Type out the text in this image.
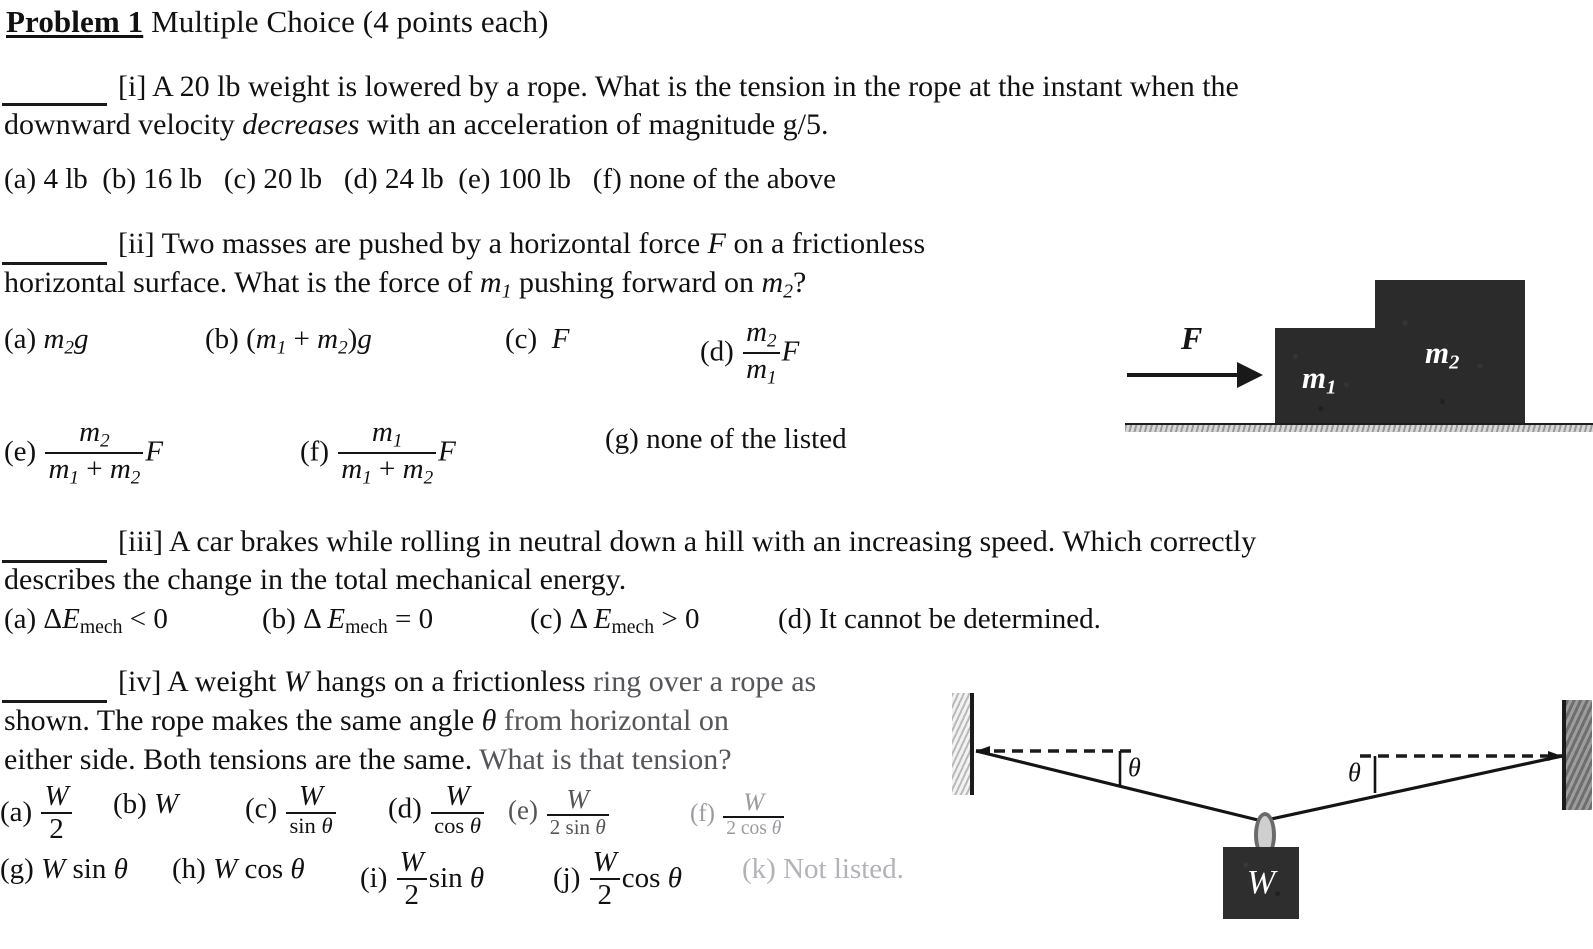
Problem 1 Multiple Choice (4 points each)
[i] A 20 lb weight is lowered by a rope. What is the tension in the rope at the instant when the
downward velocity decreases with an acceleration of magnitude g/5.
(a) 4 lb (b) 16 lb (c) 20 lb (d) 24 lb (e) 100 lb (f) none of the above
[ii] Two masses are pushed by a horizontal force F on a frictionless
horizontal surface. What is the force of $m_1$ pushing forward on $m_2$?
(a) $m_2g$	(b) $(m_1 + m_2)g$	(c) F	$(d) \frac{m_2}{m_1}$ F
$(e) \frac{m_2}{m_1 + m_2}$ F	$(f) \frac{m_1}{m_1 + m_2}$ F	(g) none of the listed
F
$m_1$
$m_2$
[iii] A car brakes while rolling in neutral down a hill with an increasing speed. Which correctly
describes the change in the total mechanical energy.
(a) ΔEmech < 0	(b) Δ Emech = 0	(c) Δ Emech > 0	(d) It cannot be determined.
[iv] A weight W hangs on a frictionless ring over a rope as
shown. The rope makes the same angle θ from horizontal on
either side. Both tensions are the same. What is that tension?
$(a) \frac{W}{2} (b)$ W $(c) \frac{W}{\text{sin θ}} (d) \frac{W}{\text{cos θ}} (e) \frac{W}{\text{2 sin θ}}$	$(f) \frac{W}{\text{2 cos θ}}$
(g) W sin θ (h) W cos θ $(i) \frac{W}{2}$ sin θ $(j) \frac{W}{2}$ cos θ (k) Not listed.
θ	θ
W
